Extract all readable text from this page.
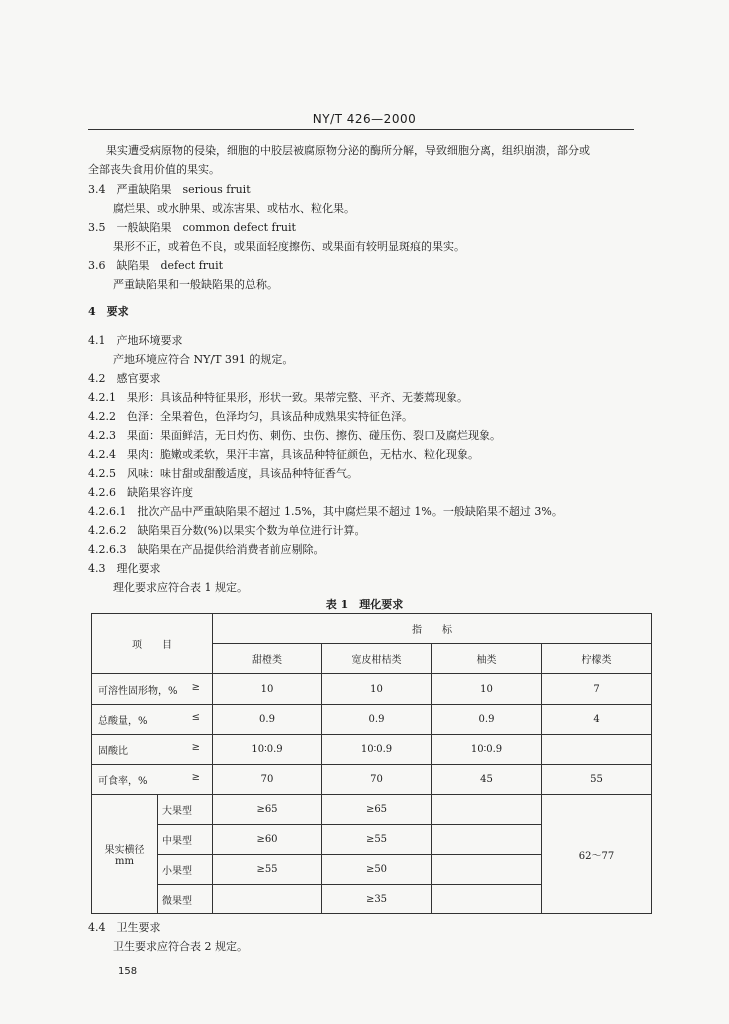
NY/T 426—2000
果实遭受病原物的侵染，细胞的中胶层被腐原物分泌的酶所分解，导致细胞分离，组织崩溃，部分或
全部丧失食用价值的果实。
3.4　严重缺陷果　serious fruit
腐烂果、或水肿果、或冻害果、或枯水、粒化果。
3.5　一般缺陷果　common defect fruit
果形不正，或着色不良，或果面轻度擦伤、或果面有较明显斑痕的果实。
3.6　缺陷果　defect fruit
严重缺陷果和一般缺陷果的总称。
4　要求
4.1　产地环境要求
产地环境应符合 NY/T 391 的规定。
4.2　感官要求
4.2.1　果形：具该品种特征果形，形状一致。果蒂完整、平齐、无萎蔫现象。
4.2.2　色泽：全果着色，色泽均匀，具该品种成熟果实特征色泽。
4.2.3　果面：果面鲜洁，无日灼伤、刺伤、虫伤、擦伤、碰压伤、裂口及腐烂现象。
4.2.4　果肉：脆嫩或柔软，果汗丰富，具该品种特征颜色，无枯水、粒化现象。
4.2.5　风味：味甘甜或甜酸适度，具该品种特征香气。
4.2.6　缺陷果容许度
4.2.6.1　批次产品中严重缺陷果不超过 1.5%，其中腐烂果不超过 1%。一般缺陷果不超过 3%。
4.2.6.2　缺陷果百分数(%)以果实个数为单位进行计算。
4.2.6.3　缺陷果在产品提供给消费者前应剔除。
4.3　理化要求
理化要求应符合表 1 规定。
表 1　理化要求
项　　目		指　　标			
		甜橙类	宽皮柑桔类	柚类	柠檬类

可溶性固形物，% ≥		10	10	10	7

总酸量，% ≤		0.9	0.9	0.9	4

固酸比 ≥		10∶0.9	10∶0.9	10∶0.9	

可食率，% ≥		70	70	45	55

果实横径
mm	大果型	≥65	≥65		62～77
	中果型	≥60	≥55		
	小果型	≥55	≥50		
	微果型		≥35		
4.4　卫生要求
卫生要求应符合表 2 规定。
158
